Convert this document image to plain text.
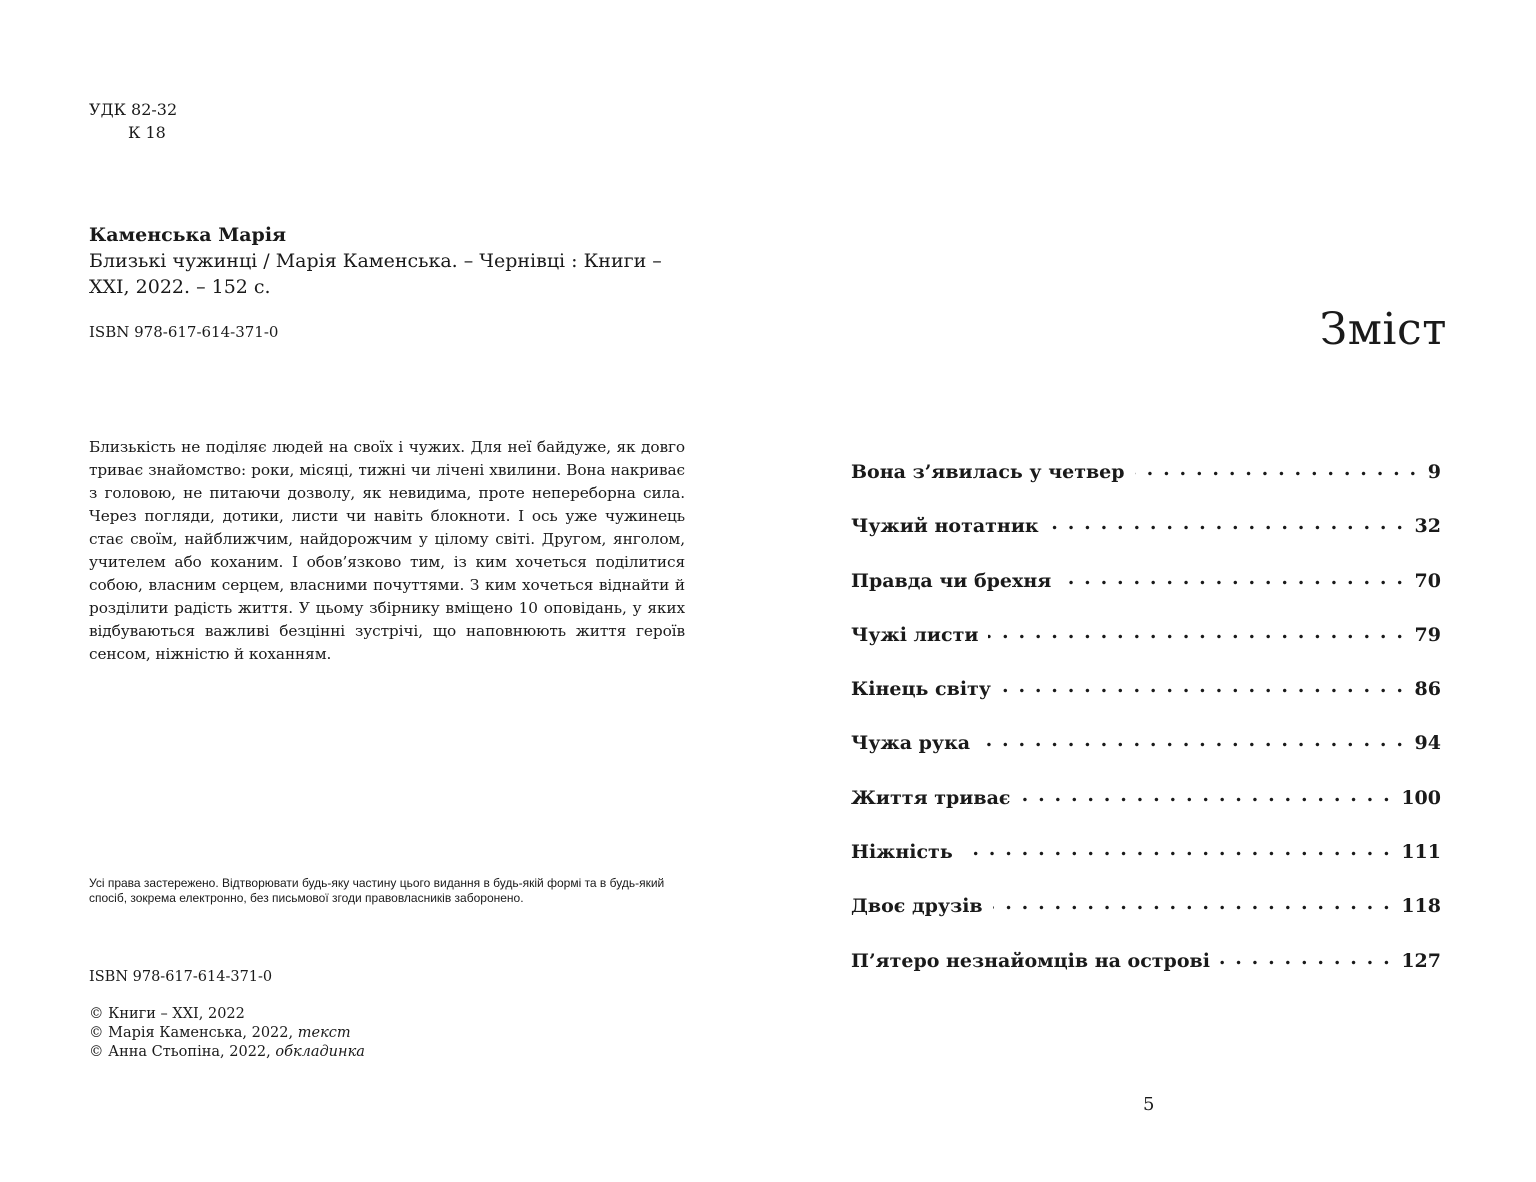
УДК 82-32
К 18
Каменська Марія
Близькі чужинці / Марія Каменська. – Чернівці : Книги – XXI, 2022. – 152 с.
ISBN 978-617-614-371-0

Близькість не поділяє людей на своїх і чужих. Для неї байдуже, як довго триває знайомство: роки, місяці, тижні чи лічені хвилини. Вона накриває з головою, не питаючи дозволу, як невидима, проте непереборна сила. Через погляди, дотики, листи чи навіть блокноти. І ось уже чужинець стає своїм, найближчим, найдорожчим у цілому світі. Другом, янголом, учителем або коханим. І обов’язково тим, із ким хочеться поділитися собою, власним серцем, власними почуттями. З ким хочеться віднайти й розділити радість життя. У цьому збірнику вміщено 10 оповідань, у яких відбуваються важливі безцінні зустрічі, що наповнюють життя героїв сенсом, ніжністю й коханням.

Усі права застережено. Відтворювати будь-яку частину цього видання в будь-якій формі та в будь-який спосіб, зокрема електронно, без письмової згоди правовласників заборонено.

ISBN 978-617-614-371-0
© Книги – XXI, 2022
© Марія Каменська, 2022, текст
© Анна Стьопіна, 2022, обкладинка
Зміст
Вона з’явилась у четвер . . .	9
Чужий нотатник . . .	32
Правда чи брехня . . .	70
Чужі листи . . .	79
Кінець світу . . .	86
Чужа рука . . .	94
Життя триває . . .	100
Ніжність . . .	111
Двоє друзів . . .	118
П’ятеро незнайомців на острові . . .	127
5
